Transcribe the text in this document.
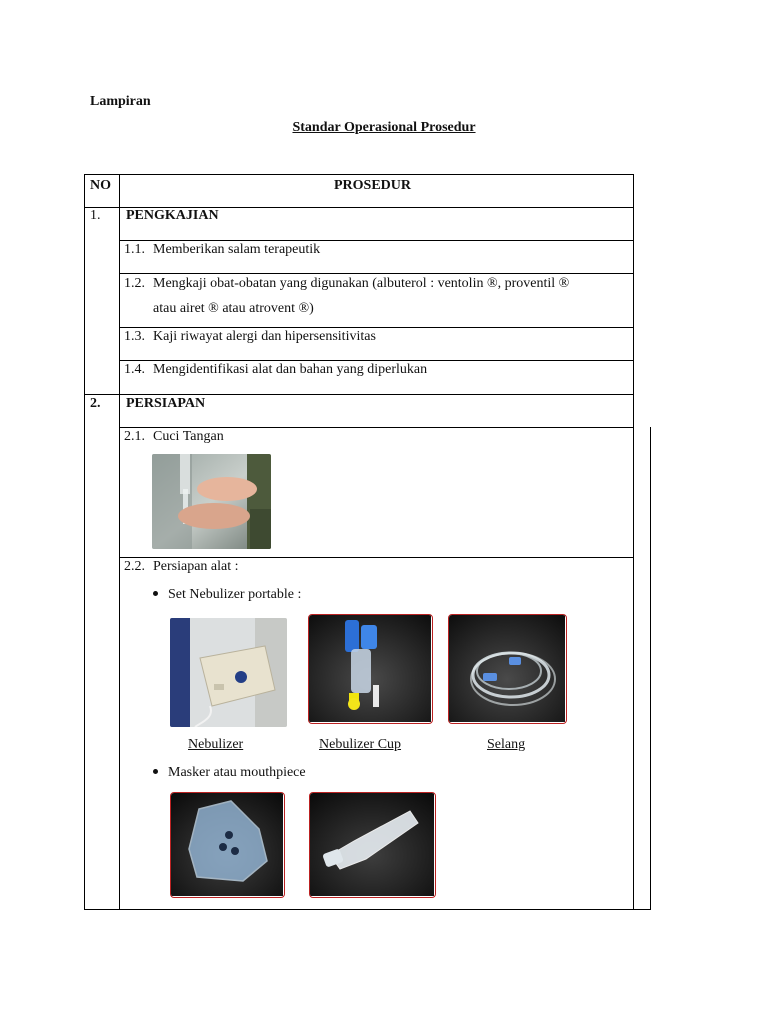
Lampiran
Standar Operasional Prosedur
NO	PROSEDUR
1. PENGKAJIAN
1.1. Memberikan salam terapeutik
1.2. Mengkaji obat-obatan yang digunakan (albuterol : ventolin ®, proventil ®
atau airet ® atau atrovent ®)
1.3. Kaji riwayat alergi dan hipersensitivitas
1.4. Mengidentifikasi alat dan bahan yang diperlukan
2. PERSIAPAN
2.1. Cuci Tangan
2.2. Persiapan alat :
Set Nebulizer portable :
Nebulizer	Nebulizer Cup	Selang
Masker atau mouthpiece
